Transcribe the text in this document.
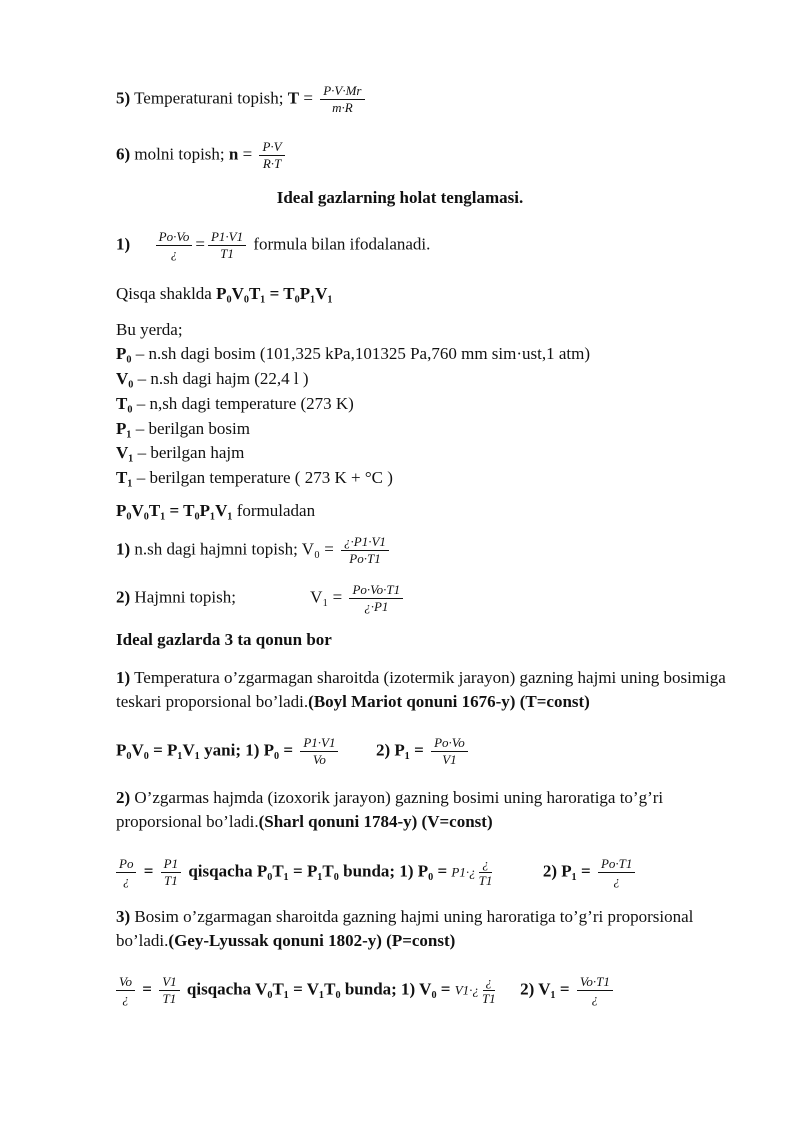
5) Temperaturani topish; $T = \frac{P\cdot V\cdot Mr}{m\cdot R}$
6) molni topish; $n = \frac{P\cdot V}{R\cdot T}$
Ideal gazlarning holat tenglamasi.
$1) \frac{Po\cdot Vo}{¿} = \frac{P1\cdot V1}{T1}$ formula bilan ifodalanadi.
Qisqa shaklda P₀V₀T₁ = T₀P₁V₁
Bu yerda;
P₀ – n.sh dagi bosim (101,325 kPa,101325 Pa,760 mm sim·ust,1 atm)
V₀ – n.sh dagi hajm (22,4 l )
T₀ – n,sh dagi temperature (273 K)
P₁ – berilgan bosim
V₁ – berilgan hajm
T₁ – berilgan temperature ( 273 K + °C )
P₀V₀T₁ = T₀P₁V₁ formuladan
1) n.sh dagi hajmni topish; $V_0 = \frac{¿\cdot P1\cdot V1}{Po\cdot T1}$
2) Hajmni topish;	$V_1 = \frac{Po\cdot Vo\cdot T1}{¿\cdot P1}$
Ideal gazlarda 3 ta qonun bor
1) Temperatura o’zgarmagan sharoitda (izotermik jarayon) gazning hajmi uning bosimiga teskari proporsional bo’ladi.(Boyl Mariot qonuni 1676-y) (T=const)
P₀V₀ = P₁V₁ yani; 1) $P_0 = \frac{P1\cdot V1}{Vo} 2$) $P_1 = \frac{Po\cdot Vo}{V1}$
2) O’zgarmas hajmda (izoxorik jarayon) gazning bosimi uning haroratiga to’g’ri proporsional bo’ladi.(Sharl qonuni 1784-y) (V=const)
$\frac{Po}{¿} = \frac{P1}{T1}$ qisqacha P₀T₁ = P₁T₀ bunda; 1) P₀ = P1·¿ $\frac{¿}{T1}$	2) $P_1 = \frac{Po\cdot T1}{¿}$
3) Bosim o’zgarmagan sharoitda gazning hajmi uning haroratiga to’g’ri proporsional bo’ladi.(Gey-Lyussak qonuni 1802-y) (P=const)
$\frac{Vo}{¿} = \frac{V1}{T1}$ qisqacha V₀T₁ = V₁T₀ bunda; 1) V₀ = V1·¿ $\frac{¿}{T1} 2$) $V_1 = \frac{Vo\cdot T1}{¿}$
